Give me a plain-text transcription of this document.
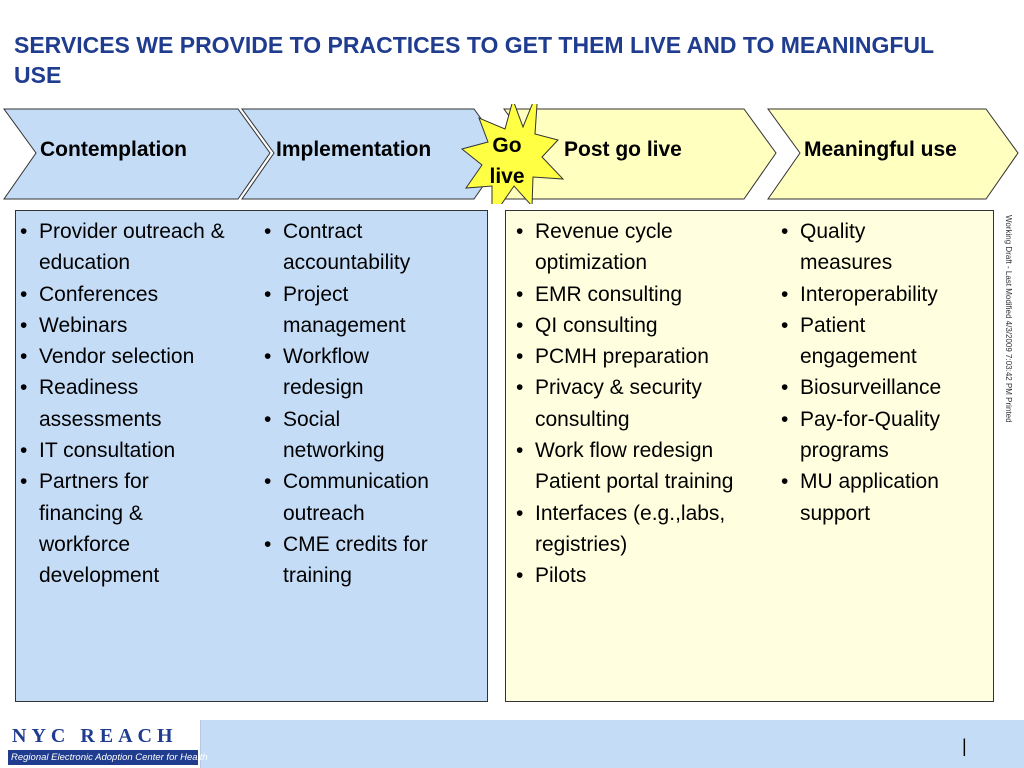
SERVICES WE PROVIDE TO PRACTICES TO GET THEM LIVE AND TO MEANINGFUL USE
Go
live
Contemplation	Implementation	Post go live	Meaningful use
• Provider outreach & education
• Conferences
• Webinars
• Vendor selection
• Readiness assessments
• IT consultation
• Partners for financing & workforce development
• Contract accountability
• Project management
• Workflow redesign
• Social networking
• Communication outreach
• CME credits for training
• Revenue cycle optimization
• EMR consulting
• QI consulting
• PCMH preparation
• Privacy & security consulting
• Work flow redesign Patient portal training
• Interfaces (e.g.,labs, registries)
• Pilots
• Quality measures
• Interoperability
• Patient engagement
• Biosurveillance
• Pay-for-Quality programs
• MU application support
Working Draft - Last Modified 4/3/2009 7:03:42 PM Printed
NYC REACH
Regional Electronic Adoption Center for Health
|
